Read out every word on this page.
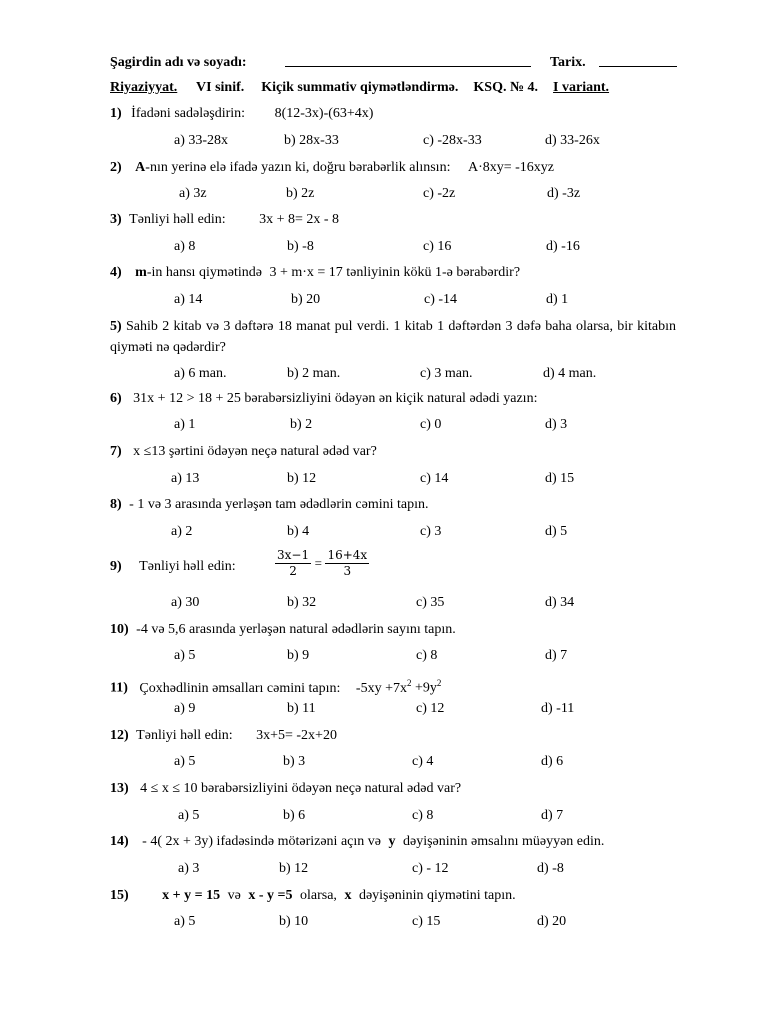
Şagirdin adı və soyadı:	Tarix.
Riyaziyyat. VI sinif. Kiçik summativ qiymətləndirmə. KSQ. № 4. I variant.
1) İfadəni sadələşdirin: 8(12-3x)-(63+4x)
a) 33-28x	b) 28x-33	c) -28x-33	d) 33-26x
2) A-nın yerinə elə ifadə yazın ki, doğru bərabərlik alınsın: A·8xy= -16xyz
a) 3z	b) 2z	c) -2z	d) -3z
3) Tənliyi həll edin: 3x + 8= 2x - 8
a) 8	b) -8	c) 16	d) -16
4) m-in hansı qiymətində 3 + m·x = 17 tənliyinin kökü 1-ə bərabərdir?
a) 14	b) 20	c) -14	d) 1
5) Sahib 2 kitab və 3 dəftərə 18 manat pul verdi. 1 kitab 1 dəftərdən 3 dəfə baha olarsa, bir kitabın qiyməti nə qədərdir?
a) 6 man.	b) 2 man.	c) 3 man.	d) 4 man.
6) 31x + 12 > 18 + 25 bərabərsizliyini ödəyən ən kiçik natural ədədi yazın:
a) 1	b) 2	c) 0	d) 3
7) x ≤13 şərtini ödəyən neçə natural ədəd var?
a) 13	b) 12	c) 14	d) 15
8) - 1 və 3 arasında yerləşən tam ədədlərin cəmini tapın.
a) 2	b) 4	c) 3	d) 5
9) Tənliyi həll edin:	$\frac{3x-1}{2} = \frac{16+4x}{3}$
a) 30	b) 32	c) 35	d) 34
10) -4 və 5,6 arasında yerləşən natural ədədlərin sayını tapın.
a) 5	b) 9	c) 8	d) 7
11) Çoxhədlinin əmsalları cəmini tapın: $-5xy +7x^2 +9y^2$
a) 9	b) 11	c) 12	d) -11
12) Tənliyi həll edin: 3x+5= -2x+20
a) 5	b) 3	c) 4	d) 6
13) 4 ≤ x ≤ 10 bərabərsizliyini ödəyən neçə natural ədəd var?
a) 5	b) 6	c) 8	d) 7
14) - 4( 2x + 3y) ifadəsində mötərizəni açın və y dəyişəninin əmsalını müəyyən edin.
a) 3	b) 12	c) - 12	d) -8
15) x + y = 15 və x - y =5 olarsa, x dəyişəninin qiymətini tapın.
a) 5	b) 10	c) 15	d) 20
